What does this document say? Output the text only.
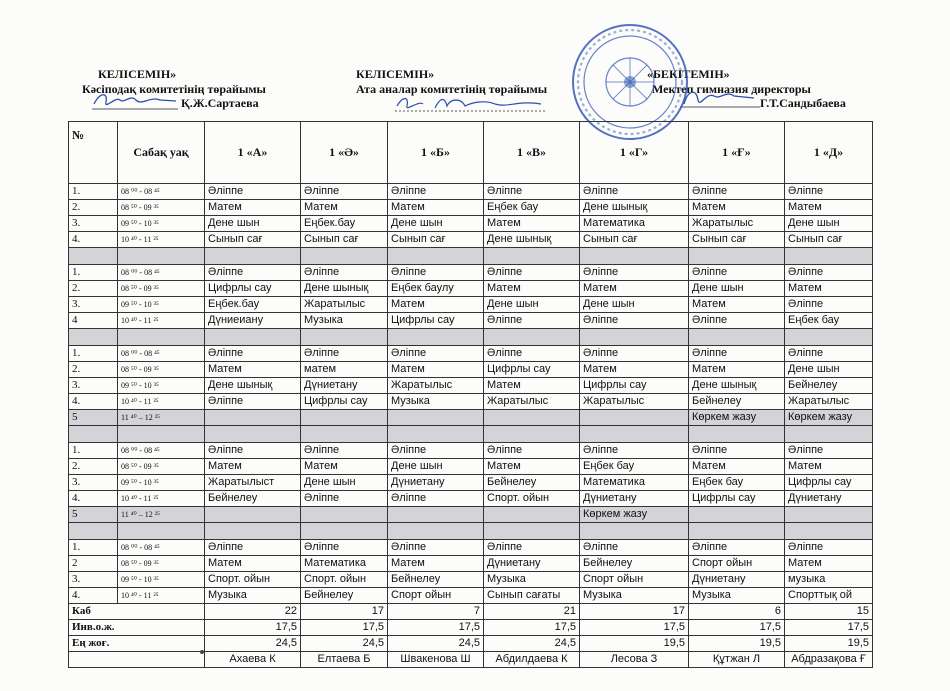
КЕЛІСЕМІН»
Кәсіподақ комитетінің төрайымы
Қ.Ж.Сартаева
КЕЛІСЕМІН»
Ата аналар комитетінің төрайымы
«БЕКІТЕМІН»
Мектеп гимназия директоры
Г.Т.Сандыбаева
№	Сабақ уақ	1 «А»	1 «Ә»	1 «Б»	1 «В»	1 «Г»	1 «Ғ»	1 «Д»
1.	08 ⁰⁰ - 08 ⁴⁵	Әліппе	Әліппе	Әліппе	Әліппе	Әліппе	Әліппе	Әліппе
2.	08 ⁵⁰ - 09 ³⁵	Матем	Матем	Матем	Еңбек бау	Дене шынық	Матем	Матем
3.	09 ⁵⁰ - 10 ³⁵	Дене шын	Еңбек.бау	Дене шын	Матем	Математика	Жаратылыс	Дене шын
4.	10 ⁴⁰ - 11 ²⁵	Сынып сағ	Сынып сағ	Сынып сағ	Дене шынық	Сынып сағ	Сынып сағ	Сынып сағ

1.	08 ⁰⁰ - 08 ⁴⁵	Әліппе	Әліппе	Әліппе	Әліппе	Әліппе	Әліппе	Әліппе
2.	08 ⁵⁰ - 09 ³⁵	Цифрлы сау	Дене шынық	Еңбек баулу	Матем	Матем	Дене шын	Матем
3.	09 ⁵⁰ - 10 ³⁵	Еңбек.бау	Жаратылыс	Матем	Дене шын	Дене шын	Матем	Әліппе
4	10 ⁴⁰ - 11 ²⁵	Дүниеиану	Музыка	Цифрлы сау	Әліппе	Әліппе	Әліппе	Еңбек бау

1.	08 ⁰⁰ - 08 ⁴⁵	Әліппе	Әліппе	Әліппе	Әліппе	Әліппе	Әліппе	Әліппе
2.	08 ⁵⁰ - 09 ³⁵	Матем	матем	Матем	Цифрлы сау	Матем	Матем	Дене шын
3.	09 ⁵⁰ - 10 ³⁵	Дене шынық	Дүниетану	Жаратылыс	Матем	Цифрлы сау	Дене шынық	Бейнелеу
4.	10 ⁴⁰ - 11 ²⁵	Әліппе	Цифрлы сау	Музыка	Жаратылыс	Жаратылыс	Бейнелеу	Жаратылыс
5	11 ⁴⁰ – 12 ²⁵						Көркем жазу	Көркем жазу

1.	08 ⁰⁰ - 08 ⁴⁵	Әліппе	Әліппе	Әліппе	Әліппе	Әліппе	Әліппе	Әліппе
2.	08 ⁵⁰ - 09 ³⁵	Матем	Матем	Дене шын	Матем	Еңбек бау	Матем	Матем
3.	09 ⁵⁰ - 10 ³⁵	Жаратылыст	Дене шын	Дүниетану	Бейнелеу	Математика	Еңбек бау	Цифрлы сау
4.	10 ⁴⁰ - 11 ²⁵	Бейнелеу	Әліппе	Әліппе	Спорт. ойын	Дүниетану	Цифрлы сау	Дүниетану
5	11 ⁴⁰ – 12 ²⁵					Көркем жазу		

1.	08 ⁰⁰ - 08 ⁴⁵	Әліппе	Әліппе	Әліппе	Әліппе	Әліппе	Әліппе	Әліппе
2	08 ⁵⁰ - 09 ³⁵	Матем	Математика	Матем	Дүниетану	Бейнелеу	Спорт ойын	Матем
3.	09 ⁵⁰ - 10 ³⁵	Спорт. ойын	Спорт. ойын	Бейнелеу	Музыка	Спорт ойын	Дүниетану	музыка
4.	10 ⁴⁰ - 11 ²⁵	Музыка	Бейнелеу	Спорт ойын	Сынып сағаты	Музыка	Музыка	Спорттық ой
Каб		22	17	7	21	17	6	15
Инв.о.ж.		17,5	17,5	17,5	17,5	17,5	17,5	17,5
Ең жоғ.		24,5	24,5	24,5	24,5	19,5	19,5	19,5
		Ахаева К	Елтаева Б	Швакенова Ш	Абдилдаева К	Лесова З	Құтжан Л	Абдразақова Ғ
